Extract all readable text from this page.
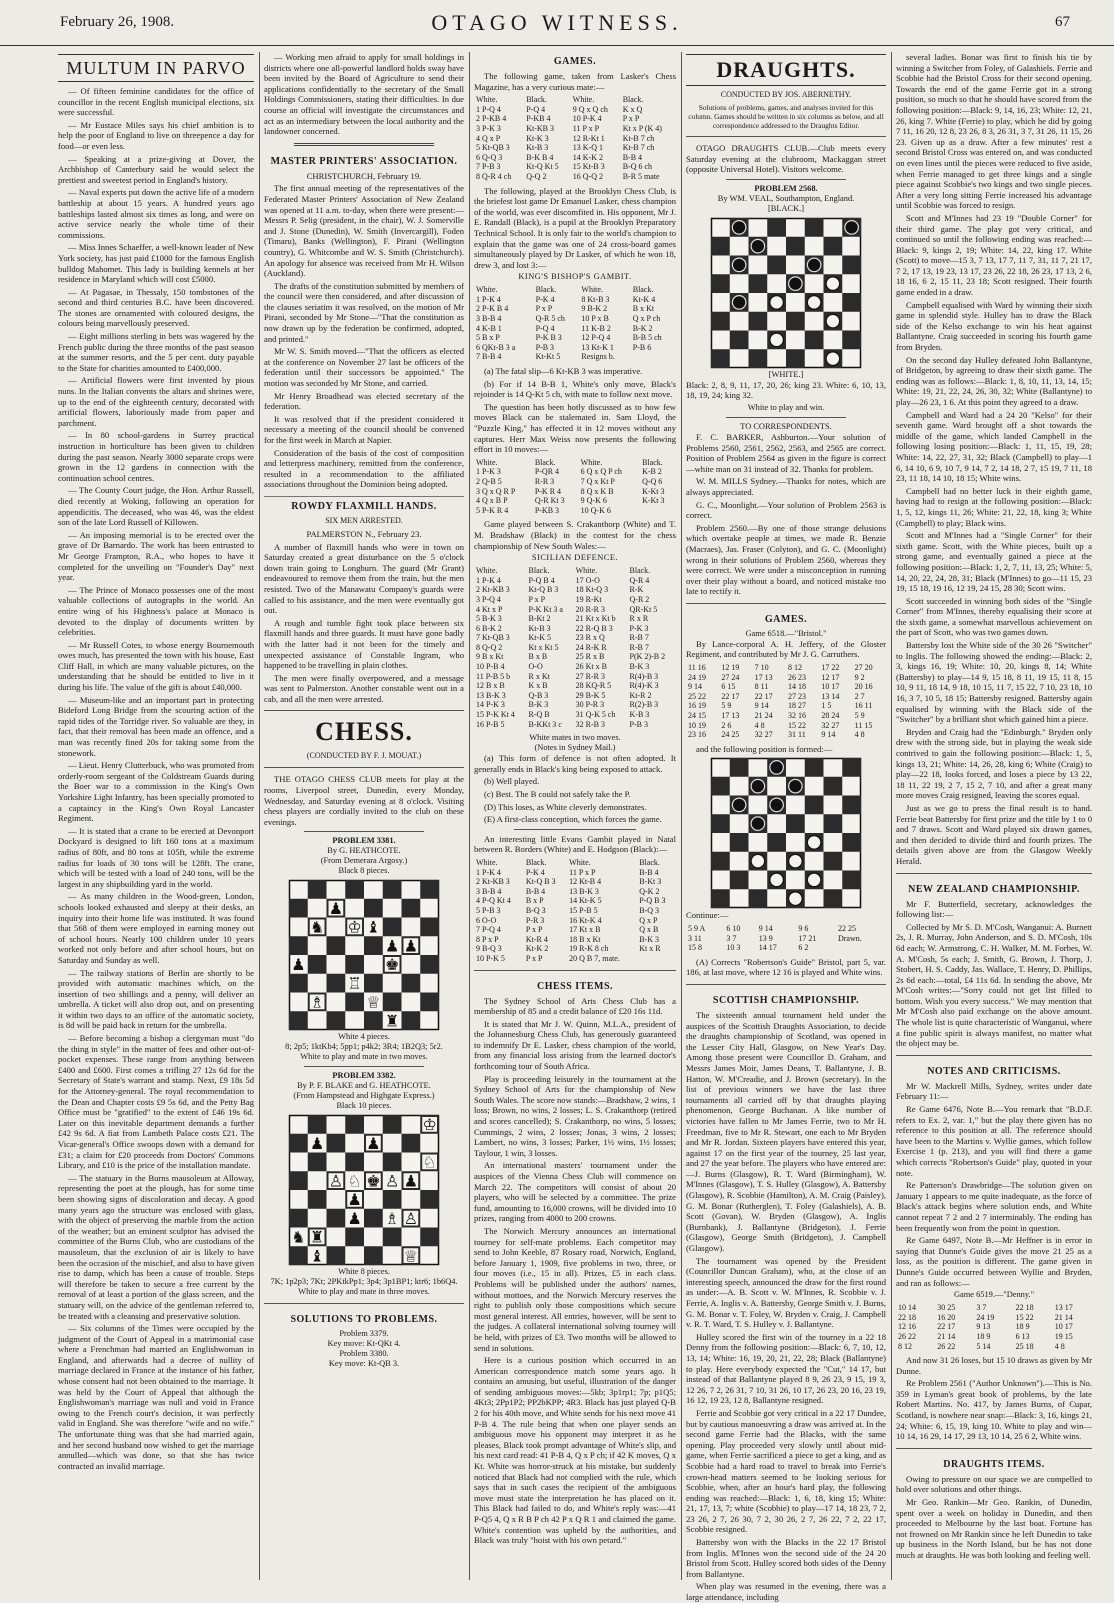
February 26, 1908.	OTAGO WITNESS.	67
MULTUM IN PARVO

— Of fifteen feminine candidates for the office of councillor in the recent English municipal elections, six were successful.

— Mr Eustace Miles says his chief ambition is to help the poor of England to live on threepence a day for food—or even less.

— Speaking at a prize-giving at Dover, the Archbishop of Canterbury said he would select the prettiest and sweetest period in England's history.

— Naval experts put down the active life of a modern battleship at about 15 years. A hundred years ago battleships lasted almost six times as long, and were on active service nearly the whole time of their commissions.

— Miss Innes Schaeffer, a well-known leader of New York society, has just paid £1000 for the famous English bulldog Mahomet. This lady is building kennels at her residence in Maryland which will cost £5000.

— At Pagasae, in Thessaly, 150 tombstones of the second and third centuries B.C. have been discovered. The stones are ornamented with coloured designs, the colours being marvellously preserved.

— Eight millions sterling in bets was wagered by the French public during the three months of the past season at the summer resorts, and the 5 per cent. duty payable to the State for charities amounted to £400,000.

— Artificial flowers were first invented by pious nuns. In the Italian convents the altars and shrines were, up to the end of the eighteenth century, decorated with artificial flowers, laboriously made from paper and parchment.

— In 80 school-gardens in Surrey practical instruction in horticulture has been given to children during the past season. Nearly 3000 separate crops were grown in the 12 gardens in connection with the continuation school centres.

— The County Court judge, the Hon. Arthur Russell, died recently at Woking, following an operation for appendicitis. The deceased, who was 46, was the eldest son of the late Lord Russell of Killowen.

— An imposing memorial is to be erected over the grave of Dr Barnardo. The work has been entrusted to Mr George Frampton, R.A., who hopes to have it completed for the unveiling on "Founder's Day" next year.

— The Prince of Monaco possesses one of the most valuable collections of autographs in the world. An entire wing of his Highness's palace at Monaco is devoted to the display of documents written by celebrities.

— Mr Russell Cotes, to whose energy Bournemouth owes much, has presented the town with his house, East Cliff Hall, in which are many valuable pictures, on the understanding that he should be entitled to live in it during his life. The value of the gift is about £40,000.

— Museum-like and an important part in protecting Bideford Long Bridge from the scouring action of the rapid tides of the Torridge river. So valuable are they, in fact, that their removal has been made an offence, and a man was recently fined 20s for taking some from the stonework.

— Lieut. Henry Clutterbuck, who was promoted from orderly-room sergeant of the Coldstream Guards during the Boer war to a commission in the King's Own Yorkshire Light Infantry, has been specially promoted to a captaincy in the King's Own Royal Lancaster Regiment.

— It is stated that a crane to be erected at Devonport Dockyard is designed to lift 160 tons at a maximum radius of 80ft, and 80 tons at 105ft, while the extreme radius for loads of 30 tons will be 128ft. The crane, which will be tested with a load of 240 tons, will be the largest in any shipbuilding yard in the world.

— As many children in the Wood-green, London, schools looked exhausted and sleepy at their desks, an inquiry into their home life was instituted. It was found that 568 of them were employed in earning money out of school hours. Nearly 100 children under 10 years worked not only before and after school hours, but on Saturday and Sunday as well.

— The railway stations of Berlin are shortly to be provided with automatic machines which, on the insertion of two shillings and a penny, will deliver an umbrella. A ticket will also drop out, and on presenting it within two days to an office of the automatic society, is 8d will be paid back in return for the umbrella.

— Before becoming a bishop a clergyman must "do the thing in style" in the matter of fees and other out-of-pocket expenses. These range from anything between £400 and £600. First comes a trifling 27 12s 6d for the Secretary of State's warrant and stamp. Next, £9 18s 5d for the Attorney-general. The royal recommendation to the Dean and Chapter costs £9 5s 6d, and the Petty Bag Office must be "gratified" to the extent of £46 19s 6d. Later on this inevitable department demands a further £42 9s 6d. A fiat from Lambeth Palace costs £21. The Vicar-general's Office swoops down with a demand for £31; a claim for £20 proceeds from Doctors' Commons Library, and £10 is the price of the installation mandate.

— The statuary in the Burns mausoleum at Alloway, representing the poet at the plough, has for some time been showing signs of discoloration and decay. A good many years ago the structure was enclosed with glass, with the object of preserving the marble from the action of the weather; but an eminent sculptor has advised the committee of the Burns Club, who are custodians of the mausoleum, that the exclusion of air is likely to have been the occasion of the mischief, and also to have given rise to damp, which has been a cause of trouble. Steps will therefore be taken to secure a free current by the removal of at least a portion of the glass screen, and the statuary will, on the advice of the gentleman referred to, be treated with a cleansing and preservative solution.

— Six columns of the Times were occupied by the judgment of the Court of Appeal in a matrimonial case where a Frenchman had married an Englishwoman in England, and afterwards had a decree of nullity of marriage declared in France at the instance of his father, whose consent had not been obtained to the marriage. It was held by the Court of Appeal that although the Englishwoman's marriage was null and void in France owing to the French court's decision, it was perfectly valid in England. She was therefore "wife and no wife." The unfortunate thing was that she had married again, and her second husband now wished to get the marriage annulled—which was done, so that she has twice contracted an invalid marriage.

— Working men afraid to apply for small holdings in districts where one all-powerful landlord holds sway have been invited by the Board of Agriculture to send their applications confidentially to the secretary of the Small Holdings Commissioners, stating their difficulties. In due course an official will investigate the circumstances and act as an intermediary between the local authority and the landowner concerned.

MASTER PRINTERS' ASSOCIATION.

CHRISTCHURCH, February 19.

The first annual meeting of the representatives of the Federated Master Printers' Association of New Zealand was opened at 11 a.m. to-day, when there were present:—Messrs P. Selig (president, in the chair), W. J. Somerville and J. Stone (Dunedin), W. Smith (Invercargill), Foden (Timaru), Banks (Wellington), F. Pirani (Wellington country), G. Whitcombe and W. S. Smith (Christchurch). An apology for absence was received from Mr H. Wilson (Auckland).

The drafts of the constitution submitted by members of the council were then considered, and after discussion of the clauses seriatim it was resolved, on the motion of Mr Pirani, seconded by Mr Stone—"That the constitution as now drawn up by the federation be confirmed, adopted, and printed."

Mr W. S. Smith moved—"That the officers as elected at the conference on November 27 last be officers of the federation until their successors be appointed." The motion was seconded by Mr Stone, and carried.

Mr Henry Broadhead was elected secretary of the federation.

It was resolved that if the president considered it necessary a meeting of the council should be convened for the first week in March at Napier.

Consideration of the basis of the cost of composition and letterpress machinery, remitted from the conference, resulted in a recommendation to the affiliated associations throughout the Dominion being adopted.

ROWDY FLAXMILL HANDS.
SIX MEN ARRESTED.

PALMERSTON N., February 23.

A number of flaxmill hands who were in town on Saturday created a great disturbance on the 5 o'clock down train going to Longburn. The guard (Mr Grant) endeavoured to remove them from the train, but the men resisted. Two of the Manawatu Company's guards were called to his assistance, and the men were eventually got out.

A rough and tumble fight took place between six flaxmill hands and three guards. It must have gone badly with the latter had it not been for the timely and unexpected assistance of Constable Ingram, who happened to be travelling in plain clothes.

The men were finally overpowered, and a message was sent to Palmerston. Another constable went out in a cab, and all the men were arrested.

CHESS.
(CONDUCTED BY F. J. MOUAT.)

THE OTAGO CHESS CLUB meets for play at the rooms, Liverpool street, Dunedin, every Monday, Wednesday, and Saturday evening at 8 o'clock. Visiting chess players are cordially invited to the club on these evenings.

PROBLEM 3381.
By G. HEATHCOTE.
(From Demerara Argosy.)
Black 8 pieces.
♟
♞ ♔ ♝
♟ ♟
♟	♚
♖
♗	♕
♜
White 4 pieces.
8; 2p5; 1ktKb4; 5pp1; p4k2; 3R4; 1B2Q3; 5r2.
White to play and mate in two moves.
PROBLEM 3382.
By P. F. BLAKE and G. HEATHCOTE.
(From Hampstead and Highgate Express.)
Black 10 pieces.
♔
♟	♟
♘
♙ ♘ ♚ ♙ ♟
♟
♟ ♗ ♙
♞ ♜
♝	♕
White 8 pieces.
7K; 1p2p3; 7Kt; 2PKtkPp1; 3p4; 3p1BP1; ktr6; 1b6Q4.
White to play and mate in three moves.
SOLUTIONS TO PROBLEMS.
Problem 3379.
Key move: Kt-QKt 4.
Problem 3380.
Key move: Kt-QB 3.
GAMES.

The following game, taken from Lasker's Chess Magazine, has a very curious mate:—

White.	Black.	White.	Black.
1 P-Q 4	P-Q 4	9 Q x Q ch	K x Q
2 P-KB 4	P-KB 4	10 P-K 4	P x P
3 P-K 3	Kt-KB 3	11 P x P	Kt x P (K 4)
4 Q x P	Kt-K 3	12 R-Kt 1	Kt-B 7 ch
5 Kt-QB 3	Kt-B 3	13 K-Q 1	Kt-B 7 ch
6 Q-Q 3	B-K B 4	14 K-K 2	B-B 4
7 P-B 3	Kt-Q Kt 5	15 Kt-B 3	B-Q 6 ch
8 Q-R 4 ch	Q-Q 2	16 Q-Q 2	B-R 5 mate

The following, played at the Brooklyn Chess Club, is the briefest lost game Dr Emanuel Lasker, chess champion of the world, was ever discomfited in. His opponent, Mr J. E. Randall (Black), is a pupil at the Brooklyn Preparatory Technical School. It is only fair to the world's champion to explain that the game was one of 24 cross-board games simultaneously played by Dr Lasker, of which he won 18, drew 3, and lost 3:—

KING'S BISHOP'S GAMBIT.
White.	Black.	White.	Black.
1 P-K 4	P-K 4	8 Kt-B 3	Kt-K 4
2 P-K B 4	P x P	9 B-K 2	B x Kt
3 B-B 4	Q-R 5 ch	10 P x B	Q x P ch
4 K-B 1	P-Q 4	11 K-B 2	B-K 2
5 B x P	P-K B 3	12 P-Q 4	B-B 5 ch
6 QKt-B 3 a	P-B 3	13 Kt-K 1	P-B 6
7 B-B 4	Kt-Kt 5	Resigns b.	

(a) The fatal slip—6 Kt-KB 3 was imperative.

(b) For if 14 B-B 1, White's only move, Black's rejoinder is 14 Q-Kt 5 ch, with mate to follow next move.

The question has been hotly discussed as to how few moves Black can be stalemated in. Sam Lloyd, the "Puzzle King," has effected it in 12 moves without any captures. Herr Max Weiss now presents the following effort in 10 moves:—

White.	Black.	White.	Black.
1 P-K 3	P-QR 4	6 Q x Q P ch	K-B 2
2 Q-B 5	R-R 3	7 Q x Kt P	Q-Q 6
3 Q x Q R P	P-K R 4	8 Q x K B	K-Kt 3
4 Q x B P	Q-R Kt 3	9 Q-K 6	K-Kt 3
5 P-K R 4	P-KB 3	10 Q-K 6	

Game played between S. Crakanthorp (White) and T. M. Bradshaw (Black) in the contest for the chess championship of New South Wales:—

SICILIAN DEFENCE.
White.	Black.	White.	Black.
1 P-K 4	P-Q B 4	17 O-O	Q-R 4
2 Kt-KB 3	Kt-Q B 3	18 Kt-Q 3	R-K
3 P-Q 4	P x P	19 R-Kt	Q-R 2
4 Kt x P	P-K Kt 3 a	20 R-R 3	QR-Kt 5
5 B-K 3	B-Kt 2	21 Kt x Kt b	R x R
6 B-K 2	Kt-B 3	22 R-Q B 3	P-K 3
7 Kt-QB 3	Kt-K 5	23 R x Q	R-B 7
8 Q-Q 2	Kt x Kt 5	24 R-K R	R-B 7
9 B x Kt	B x B	25 R x B	P(K 2)-B 2
10 P-B 4	O-O	26 Kt x B	B-K 3
11 P-B 5 b	R x Kt	27 R-R 3	R(4)-B 3
12 B x B	K x B	28 KQ-R 5	R(4)-K 3
13 B-K 3	Q-B 3	29 B-K 5	Kt-R 2
14 P-K 3	B-K 3	30 P-R 3	R(2)-B 3
15 P-K Kt 4	R-Q B	31 Q-K 5 ch	K-B 3
16 P-B 5	B-KKt 3 c	32 R-B 3	P-B 3
White mates in two moves.
(Notes in Sydney Mail.)

(a) This form of defence is not often adopted. It generally ends in Black's king being exposed to attack.

(b) Well played.

(c) Best. The B could not safely take the P.

(D) This loses, as White cleverly demonstrates.

(E) A first-class conception, which forces the game.

An interesting little Evans Gambit played in Natal between R. Borders (White) and E. Hodgson (Black):—

White.	Black.	White.	Black.
1 P-K 4	P-K 4	11 P x P	B-B 4
2 Kt-KB 3	Kt-Q B 3	12 Kt-B 4	B-Kt 3
3 B-B 4	B-B 4	13 B-K 3	Q-K 2
4 P-Q Kt 4	B x P	14 Kt-K 5	P-Q B 3
5 P-B 3	B-Q 3	15 P-B 5	B-Q 3
6 O-O	P-R 3	16 Kt-K 4	Q x P
7 P-Q 4	P x P	17 Kt x B	Q x B
8 P x P	Kt-R 4	18 B x Kt	B-K 3
9 B-Q 3	Kt-K 2	19 R-K 8 ch	Kt x R
10 P-K 5	P x P	20 Q B 7, mate.	
CHESS ITEMS.

The Sydney School of Arts Chess Club has a membership of 85 and a credit balance of £20 16s 11d.

It is stated that Mr J. W. Quinn, M.L.A., president of the Johannesburg Chess Club, has generously guaranteed to indemnify Dr E. Lasker, chess champion of the world, from any financial loss arising from the learned doctor's forthcoming tour of South Africa.

Play is proceeding leisurely in the tournament at the Sydney School of Arts for the championship of New South Wales. The score now stands:—Bradshaw, 2 wins, 1 loss; Brown, no wins, 2 losses; L. S. Crakanthorp (retired and scores cancelled); S. Crakanthorp, no wins, 5 losses; Cummings, 2 wins, 2 losses; Jonas, 3 wins, 2 losses; Lambert, no wins, 3 losses; Parker, 1½ wins, 1½ losses; Taylour, 1 win, 3 losses.

An international masters' tournament under the auspices of the Vienna Chess Club will commence on March 22. The competitors will consist of about 20 players, who will be selected by a committee. The prize fund, amounting to 16,000 crowns, will be divided into 10 prizes, ranging from 4000 to 200 crowns.

The Norwich Mercury announces an international tourney for self-mate problems. Each competitor may send to John Keeble, 87 Rosary road, Norwich, England, before January 1, 1909, five problems in two, three, or four moves (i.e., 15 in all). Prizes, £5 in each class. Problems will be published under the authors' names, without mottoes, and the Norwich Mercury reserves the right to publish only those compositions which secure most general interest. All entries, however, will be sent to the judges. A collateral international solving tourney will be held, with prizes of £3. Two months will be allowed to send in solutions.

Here is a curious position which occurred in an American correspondence match some years ago. It contains an amusing, but useful, illustration of the danger of sending ambiguous moves:—5kb; 3p1rp1; 7p; p1Q5; 4Kt3; 2Pp1P2; PP2bKPP; 4R3. Black has just played Q-B 2 for his 40th move, and White sends for his next move 41 P-B 4. The rule being that when one player sends an ambiguous move his opponent may interpret it as he pleases, Black took prompt advantage of White's slip, and his next card read: 41 P-B 4, Q x P ch; if 42 K moves, Q x Kt. White was horror-struck at his mistake, but suddenly noticed that Black had not complied with the rule, which says that in such cases the recipient of the ambiguous move must state the interpretation he has placed on it. This Black had failed to do, and White's reply was:—41 P-Q5 4, Q x R B P ch 42 P x Q R 1 and claimed the game. White's contention was upheld by the authorities, and Black was truly "hoist with his own petard."

DRAUGHTS.
CONDUCTED BY JOS. ABERNETHY.

Solutions of problems, games, and analyses invited for this column. Games should be written in six columns as below, and all correspondence addressed to the Draughts Editor.

OTAGO DRAUGHTS CLUB.—Club meets every Saturday evening at the clubroom, Mackaggan street (opposite Universal Hotel). Visitors welcome.

PROBLEM 2568.
By WM. VEAL, Southampton, England.
[BLACK.]
[WHITE.]

Black: 2, 8, 9, 11, 17, 20, 26; king 23. White: 6, 10, 13, 18, 19, 24; king 32.

White to play and win.
TO CORRESPONDENTS.

F. C. BARKER, Ashburton.—Your solution of Problems 2560, 2561, 2562, 2563, and 2565 are correct. Position of Problem 2564 as given in the figure is correct—white man on 31 instead of 32. Thanks for problem.

W. M. MILLS Sydney.—Thanks for notes, which are always appreciated.

G. C., Moonlight.—Your solution of Problem 2563 is correct.

Problem 2560.—By one of those strange delusions which overtake people at times, we made R. Benzie (Macraes), Jas. Fraser (Colyton), and G. C. (Moonlight) wrong in their solutions of Problem 2560, whereas they were correct. We were under a misconception in running over their play without a board, and noticed mistake too late to rectify it.

GAMES.
Game 6518.—"Bristol."

By Lance-corporal A. H. Jeffery, of the Gloster Regiment, and contributed by Mr J. G. Carruthers.

11 16	12 19	7 10	8 12	17 22	27 20
24 19	27 24	17 13	26 23	12 17	9 2
9 14	6 15	8 11	14 18	10 17	20 16
25 22	22 17	22 17	27 23	13 14	2 7
16 19	5 9	9 14	18 27	1 5	16 11
24 15	17 13	21 24	32 16	28 24	5 9
10 19	2 6	4 8	15 22	32 27	11 15
23 16	24 25	32 27	31 11	9 14	4 8

and the following position is formed:—

Continue:—

5 9 A	6 10	9 14	9 6	22 25
3 11	3 7	13 9	17 21	Drawn.
15 8	10 3	14 17	6 2	

(A) Corrects "Robertson's Guide" Bristol, part 5, var. 186, at last move, where 12 16 is played and White wins.

SCOTTISH CHAMPIONSHIP.

The sixteenth annual tournament held under the auspices of the Scottish Draughts Association, to decide the draughts championship of Scotland, was opened in the Lesser City Hall, Glasgow, on New Year's Day. Among those present were Councillor D. Graham, and Messrs James Moir, James Deans, T. Ballantyne, J. B. Hatton, W. M'Creadie, and J. Brown (secretary). In the list of previous winners we have the last three tournaments all carried off by that draughts playing phenomenon, George Buchanan. A like number of victories have fallen to Mr James Ferrie, two to Mr H. Freedman, five to Mr R. Stewart, one each to Mr Bryden and Mr R. Jordan. Sixteen players have entered this year, against 17 on the first year of the tourney, 25 last year, and 27 the year before. The players who have entered are:—J. Burns (Glasgow), R. T. Ward (Birmingham), W. M'Innes (Glasgow), T. S. Hulley (Glasgow), A. Battersby (Glasgow), R. Scobbie (Hamilton), A. M. Craig (Paisley), G. M. Bonar (Rutherglen), T. Foley (Galashiels), A. B. Scott (Govan), W. Bryden (Glasgow), A. Inglis (Burnbank), J. Ballantyne (Bridgeton), J. Ferrie (Glasgow), George Smith (Bridgeton), J. Campbell (Glasgow).

The tournament was opened by the President (Councillor Duncan Graham), who, at the close of an interesting speech, announced the draw for the first round as under:—A. B. Scott v. W. M'Innes, R. Scobbie v. J. Ferrie, A. Inglis v. A. Battersby, George Smith v. J. Burns, G. M. Bonar v. T. Foley, W. Bryden v. Craig, J. Campbell v. R. T. Ward, T. S. Hulley v. J. Ballantyne.

Hulley scored the first win of the tourney in a 22 18 Denny from the following position:—Black: 6, 7, 10, 12, 13, 14; White: 16, 19, 20, 21, 22, 28; Black (Ballantyne) to play. Here everybody expected the "Cut," 14 17, but instead of that Ballantyne played 8 9, 26 23, 9 15, 19 3, 12 26, 7 2, 26 31, 7 10, 31 26, 10 17, 26 23, 20 16, 23 19, 16 12, 19 23, 12 8, Ballantyne resigned.

Ferrie and Scobbie got very critical in a 22 17 Dundee, but by cautious manoeuvring a draw was arrived at. In the second game Ferrie had the Blacks, with the same opening. Play proceeded very slowly until about mid-game, when Ferrie sacrificed a piece to get a king, and as Scobbie had a hard road to travel to break into Ferrie's crown-head matters seemed to be looking serious for Scobbie, when, after an hour's hard play, the following ending was reached:—Black: 1, 6, 18, king 15; White: 21, 17, 13, 7; white (Scobbie) to play—17 14, 18 23, 7 2, 23 26, 2 7, 26 30, 7 2, 30 26, 2 7, 26 22, 7 2, 22 17, Scobbie resigned.

Battersby won with the Blacks in the 22 17 Bristol from Inglis. M'Innes won the second side of the 24 20 Bristol from Scott. Hulley scored both sides of the Denny from Ballantyne.

When play was resumed in the evening, there was a large attendance, including

several ladies. Bonar was first to finish his tie by winning a Switcher from Foley, of Galashiels. Ferrie and Scobbie had the Bristol Cross for their second opening. Towards the end of the game Ferrie got in a strong position, so much so that he should have scored from the following position:—Black: 9, 14, 16, 23; White: 12, 21, 26, king 7. White (Ferrie) to play, which he did by going 7 11, 16 20, 12 8, 23 26, 8 3, 26 31, 3 7, 31 26, 11 15, 26 23. Given up as a draw. After a few minutes' rest a second Bristol Cross was entered on, and was conducted on even lines until the pieces were reduced to five aside, when Ferrie managed to get three kings and a single piece against Scobbie's two kings and two single pieces. After a very long sitting Ferrie increased his advantage until Scobbie was forced to resign.

Scott and M'Innes had 23 19 "Double Corner" for their third game. The play got very critical, and continued so until the following ending was reached:—Black: 9, kings 2, 19; White: 14, 22, king 17. White (Scott) to move—15 3, 7 13, 17 7, 11 7, 31, 11 7, 21 17, 7 2, 17 13, 19 23, 13 17, 23 26, 22 18, 26 23, 17 13, 2 6, 18 16, 6 2, 15 11, 23 18; Scott resigned. Their fourth game ended in a draw.

Campbell equalised with Ward by winning their sixth game in splendid style. Hulley has to draw the Black side of the Kelso exchange to win his heat against Ballantyne. Craig succeeded in scoring his fourth game from Bryden.

On the second day Hulley defeated John Ballantyne, of Bridgeton, by agreeing to draw their sixth game. The ending was as follows:—Black: 1, 8, 10, 11, 13, 14, 15; White: 19, 21, 22, 24, 26, 30, 32; White (Ballantyne) to play—26 23, 1 6. At this point they agreed to a draw.

Campbell and Ward had a 24 20 "Kelso" for their seventh game. Ward brought off a shot towards the middle of the game, which landed Campbell in the following losing position:—Black: 1, 11, 15, 19, 28; White: 14, 22, 27, 31, 32; Black (Campbell) to play—1 6, 14 10, 6 9, 10 7, 9 14, 7 2, 14 18, 2 7, 15 19, 7 11, 18 23, 11 18, 14 10, 18 15; White wins.

Campbell had no better luck in their eighth game, having had to resign at the following position:—Black: 1, 5, 12, kings 11, 26; White: 21, 22, 18, king 3; White (Campbell) to play; Black wins.

Scott and M'Innes had a "Single Corner" for their sixth game. Scott, with the White pieces, built up a strong game, and eventually gained a piece at the following position:—Black: 1, 2, 7, 11, 13, 25; White: 5, 14, 20, 22, 24, 28, 31; Black (M'Innes) to go—11 15, 23 19, 15 18, 19 16, 12 19, 24 15, 28 30; Scott wins.

Scott succeeded in winning both sides of the "Single Corner" from M'Innes, thereby equalising their score at the sixth game, a somewhat marvellous achievement on the part of Scott, who was two games down.

Battersby lost the White side of the 30 26 "Switcher" to Inglis. The following showed the ending:—Black: 2, 3, kings 16, 19; White: 10, 20, kings 8, 14; White (Battersby) to play—14 9, 15 18, 8 11, 19 15, 11 8, 15 10, 9 11, 18 14, 9 18, 10 15, 11 7, 15 22, 7 10, 23 18, 10 16, 3 7, 10 5, 18 15; Battersby resigned. Battersby again equalised by winning with the Black side of the "Switcher" by a brilliant shot which gained him a piece.

Bryden and Craig had the "Edinburgh." Bryden only drew with the strong side, but in playing the weak side contrived to gain the following position:—Black: 1, 5, kings 13, 21; White: 14, 26, 28, king 6; White (Craig) to play—22 18, looks forced, and loses a piece by 13 22, 18 11, 22 19, 2 7, 15 2, 7 10, and after a great many more moves Craig resigned, leaving the scores equal.

Just as we go to press the final result is to hand. Ferrie beat Battersby for first prize and the title by 1 to 0 and 7 draws. Scott and Ward played six drawn games, and then decided to divide third and fourth prizes. The details given above are from the Glasgow Weekly Herald.

NEW ZEALAND CHAMPIONSHIP.

Mr F. Butterfield, secretary, acknowledges the following list:—

Collected by Mr S. D. M'Cosh, Wanganui: A. Burnett 2s, J. R. Murray, John Anderson, and S. D. M'Cosh, 10s 6d each; W. Armstrong, C. H. Walker, M. M. Forbes, W. A. M'Cosh, 5s each; J. Smith, G. Brown, J. Thorp, J. Stobert, H. S. Caddy, Jas. Wallace, T. Henry, D. Phillips, 2s 6d each:—total, £4 11s 6d. In sending the above, Mr M'Cosh writes:—"Sorry could not get list filled to bottom. Wish you every success." We may mention that Mr M'Cosh also paid exchange on the above amount. The whole list is quite characteristic of Wanganui, where a fine public spirit is always manifest, no matter what the object may be.

NOTES AND CRITICISMS.

Mr W. Mackrell Mills, Sydney, writes under date February 11:—

Re Game 6476, Note B.—You remark that "B.D.F. refers to Ex. 2, var. 1," but the play there given has no reference to this position at all. The reference should have been to the Martins v. Wyllie games, which follow Exercise 1 (p. 213), and you will find there a game which corrects "Robertson's Guide" play, quoted in your note.

Re Patterson's Drawbridge—The solution given on January 1 appears to me quite inadequate, as the force of Black's attack begins where solution ends, and White cannot repeat 7 2 and 2 7 interminably. The ending has been frequently won from the point in question.

Re Game 6497, Note B.—Mr Heffner is in error in saying that Dunne's Guide gives the move 21 25 as a loss, as the position is different. The game given in Dunne's Guide occurred between Wyllie and Bryden, and ran as follows:—

Game 6519.—"Denny."
10 14	30 25	3 7	22 18	13 17
22 18	16 20	24 19	15 22	21 14
12 16	22 17	9 13	18 9	10 17
26 22	21 14	18 9	6 13	19 15
8 12	26 22	5 14	25 18	4 8

And now 31 26 loses, but 15 10 draws as given by Mr Dunne.

Re Problem 2561 ("Author Unknown").—This is No. 359 in Lyman's great book of problems, by the late Robert Martins. No. 417, by James Burns, of Cupar, Scotland, is nowhere near snap:—Black: 3, 16, kings 21, 24; White: 6, 15, 19, king 10. White to play and win—10 14, 16 29, 14 17, 29 13, 10 14, 25 6 2, White wins.

DRAUGHTS ITEMS.

Owing to pressure on our space we are compelled to hold over solutions and other things.

Mr Geo. Rankin—Mr Geo. Rankin, of Dunedin, spent over a week on holiday in Dunedin, and then proceeded to Melbourne by the last boat. Fortune has not frowned on Mr Rankin since he left Dunedin to take up business in the North Island, but he has not done much at draughts. He was both looking and feeling well.
